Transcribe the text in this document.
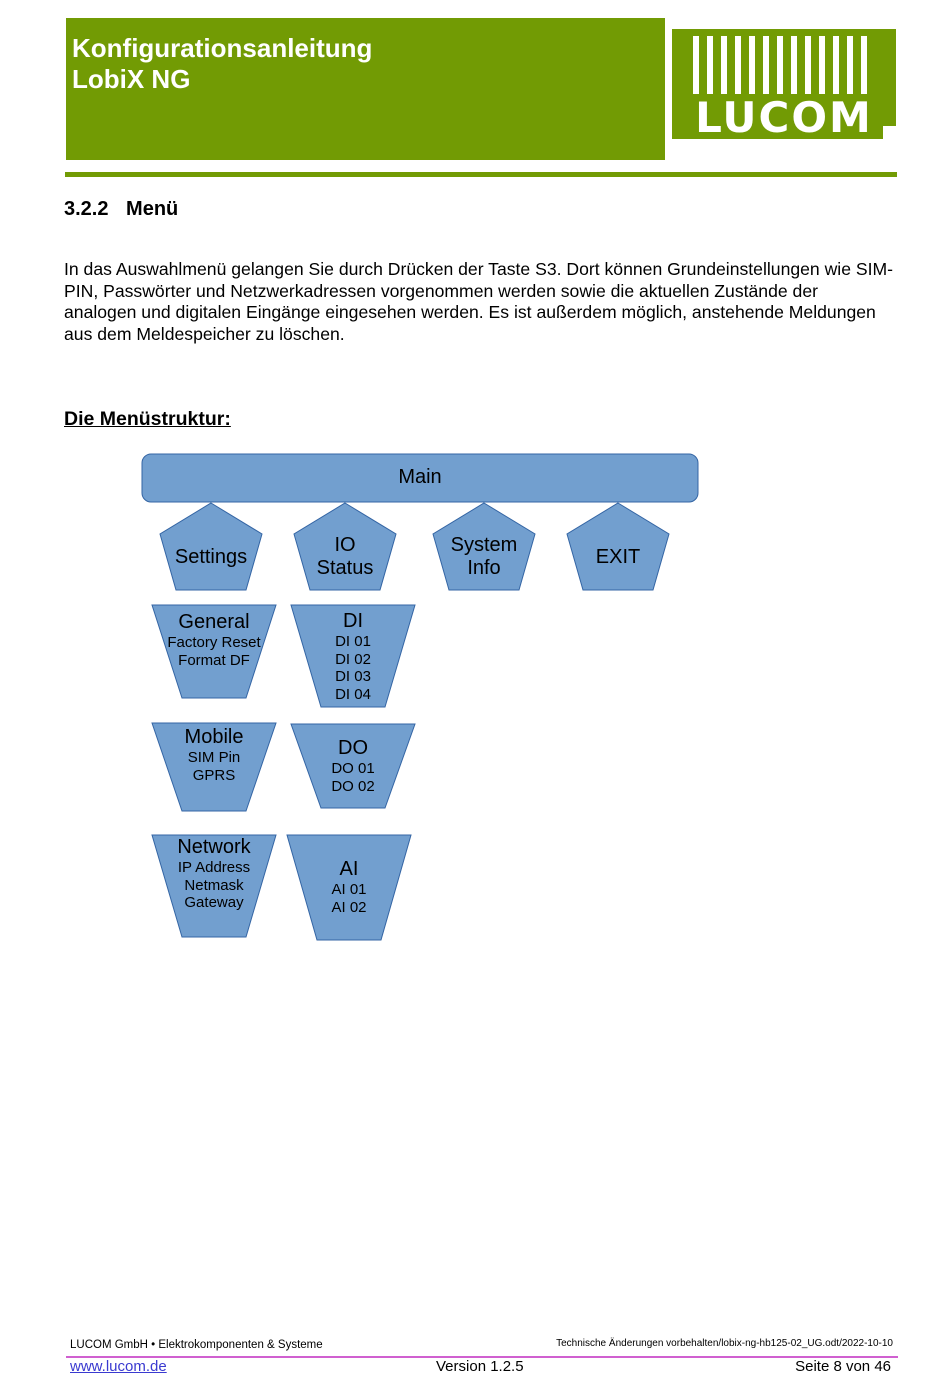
Konfigurationsanleitung
LobiX NG
LUCOM
3.2.2 Menü
In das Auswahlmenü gelangen Sie durch Drücken der Taste S3. Dort können Grundeinstellungen wie SIM-PIN, Passwörter und Netzwerkadressen vorgenommen werden sowie die aktuellen Zustände der analogen und digitalen Eingänge eingesehen werden. Es ist außerdem möglich, anstehende Meldungen aus dem Meldespeicher zu löschen.
Die Menüstruktur:
Main
Settings
IO
Status
System
Info	EXIT
General
Factory Reset
Format DF
Mobile
SIM Pin
GPRS
Network
IP Address
Netmask
Gateway
DI
DI 01
DI 02
DI 03
DI 04
DO
DO 01
DO 02
AI
AI 01
AI 02
LUCOM GmbH • Elektrokomponenten & Systeme	Technische Änderungen vorbehalten/lobix-ng-hb125-02_UG.odt/2022-10-10
www.lucom.de	Version 1.2.5	Seite 8 von 46
